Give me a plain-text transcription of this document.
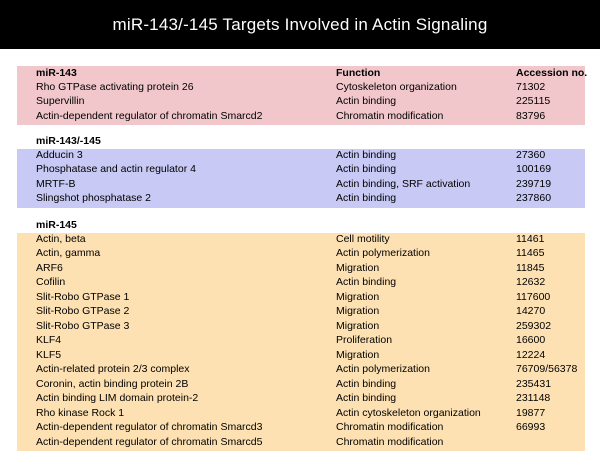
miR-143/-145 Targets Involved in Actin Signaling
miR-143	Function	Accession no.
Rho GTPase activating protein 26	Cytoskeleton organization	71302
Supervillin	Actin binding	225115
Actin-dependent regulator of chromatin Smarcd2	Chromatin modification	83796
miR-143/-145
Adducin 3	Actin binding	27360
Phosphatase and actin regulator 4	Actin binding	100169
MRTF-B	Actin binding, SRF activation	239719
Slingshot phosphatase 2	Actin binding	237860
miR-145
Actin, beta	Cell motility	11461
Actin, gamma	Actin polymerization	11465
ARF6	Migration	11845
Cofilin	Actin binding	12632
Slit-Robo GTPase 1	Migration	117600
Slit-Robo GTPase 2	Migration	14270
Slit-Robo GTPase 3	Migration	259302
KLF4	Proliferation	16600
KLF5	Migration	12224
Actin-related protein 2/3 complex	Actin polymerization	76709/56378
Coronin, actin binding protein 2B	Actin binding	235431
Actin binding LIM domain protein-2	Actin binding	231148
Rho kinase Rock 1	Actin cytoskeleton organization	19877
Actin-dependent regulator of chromatin Smarcd3	Chromatin modification	66993
Actin-dependent regulator of chromatin Smarcd5	Chromatin modification
